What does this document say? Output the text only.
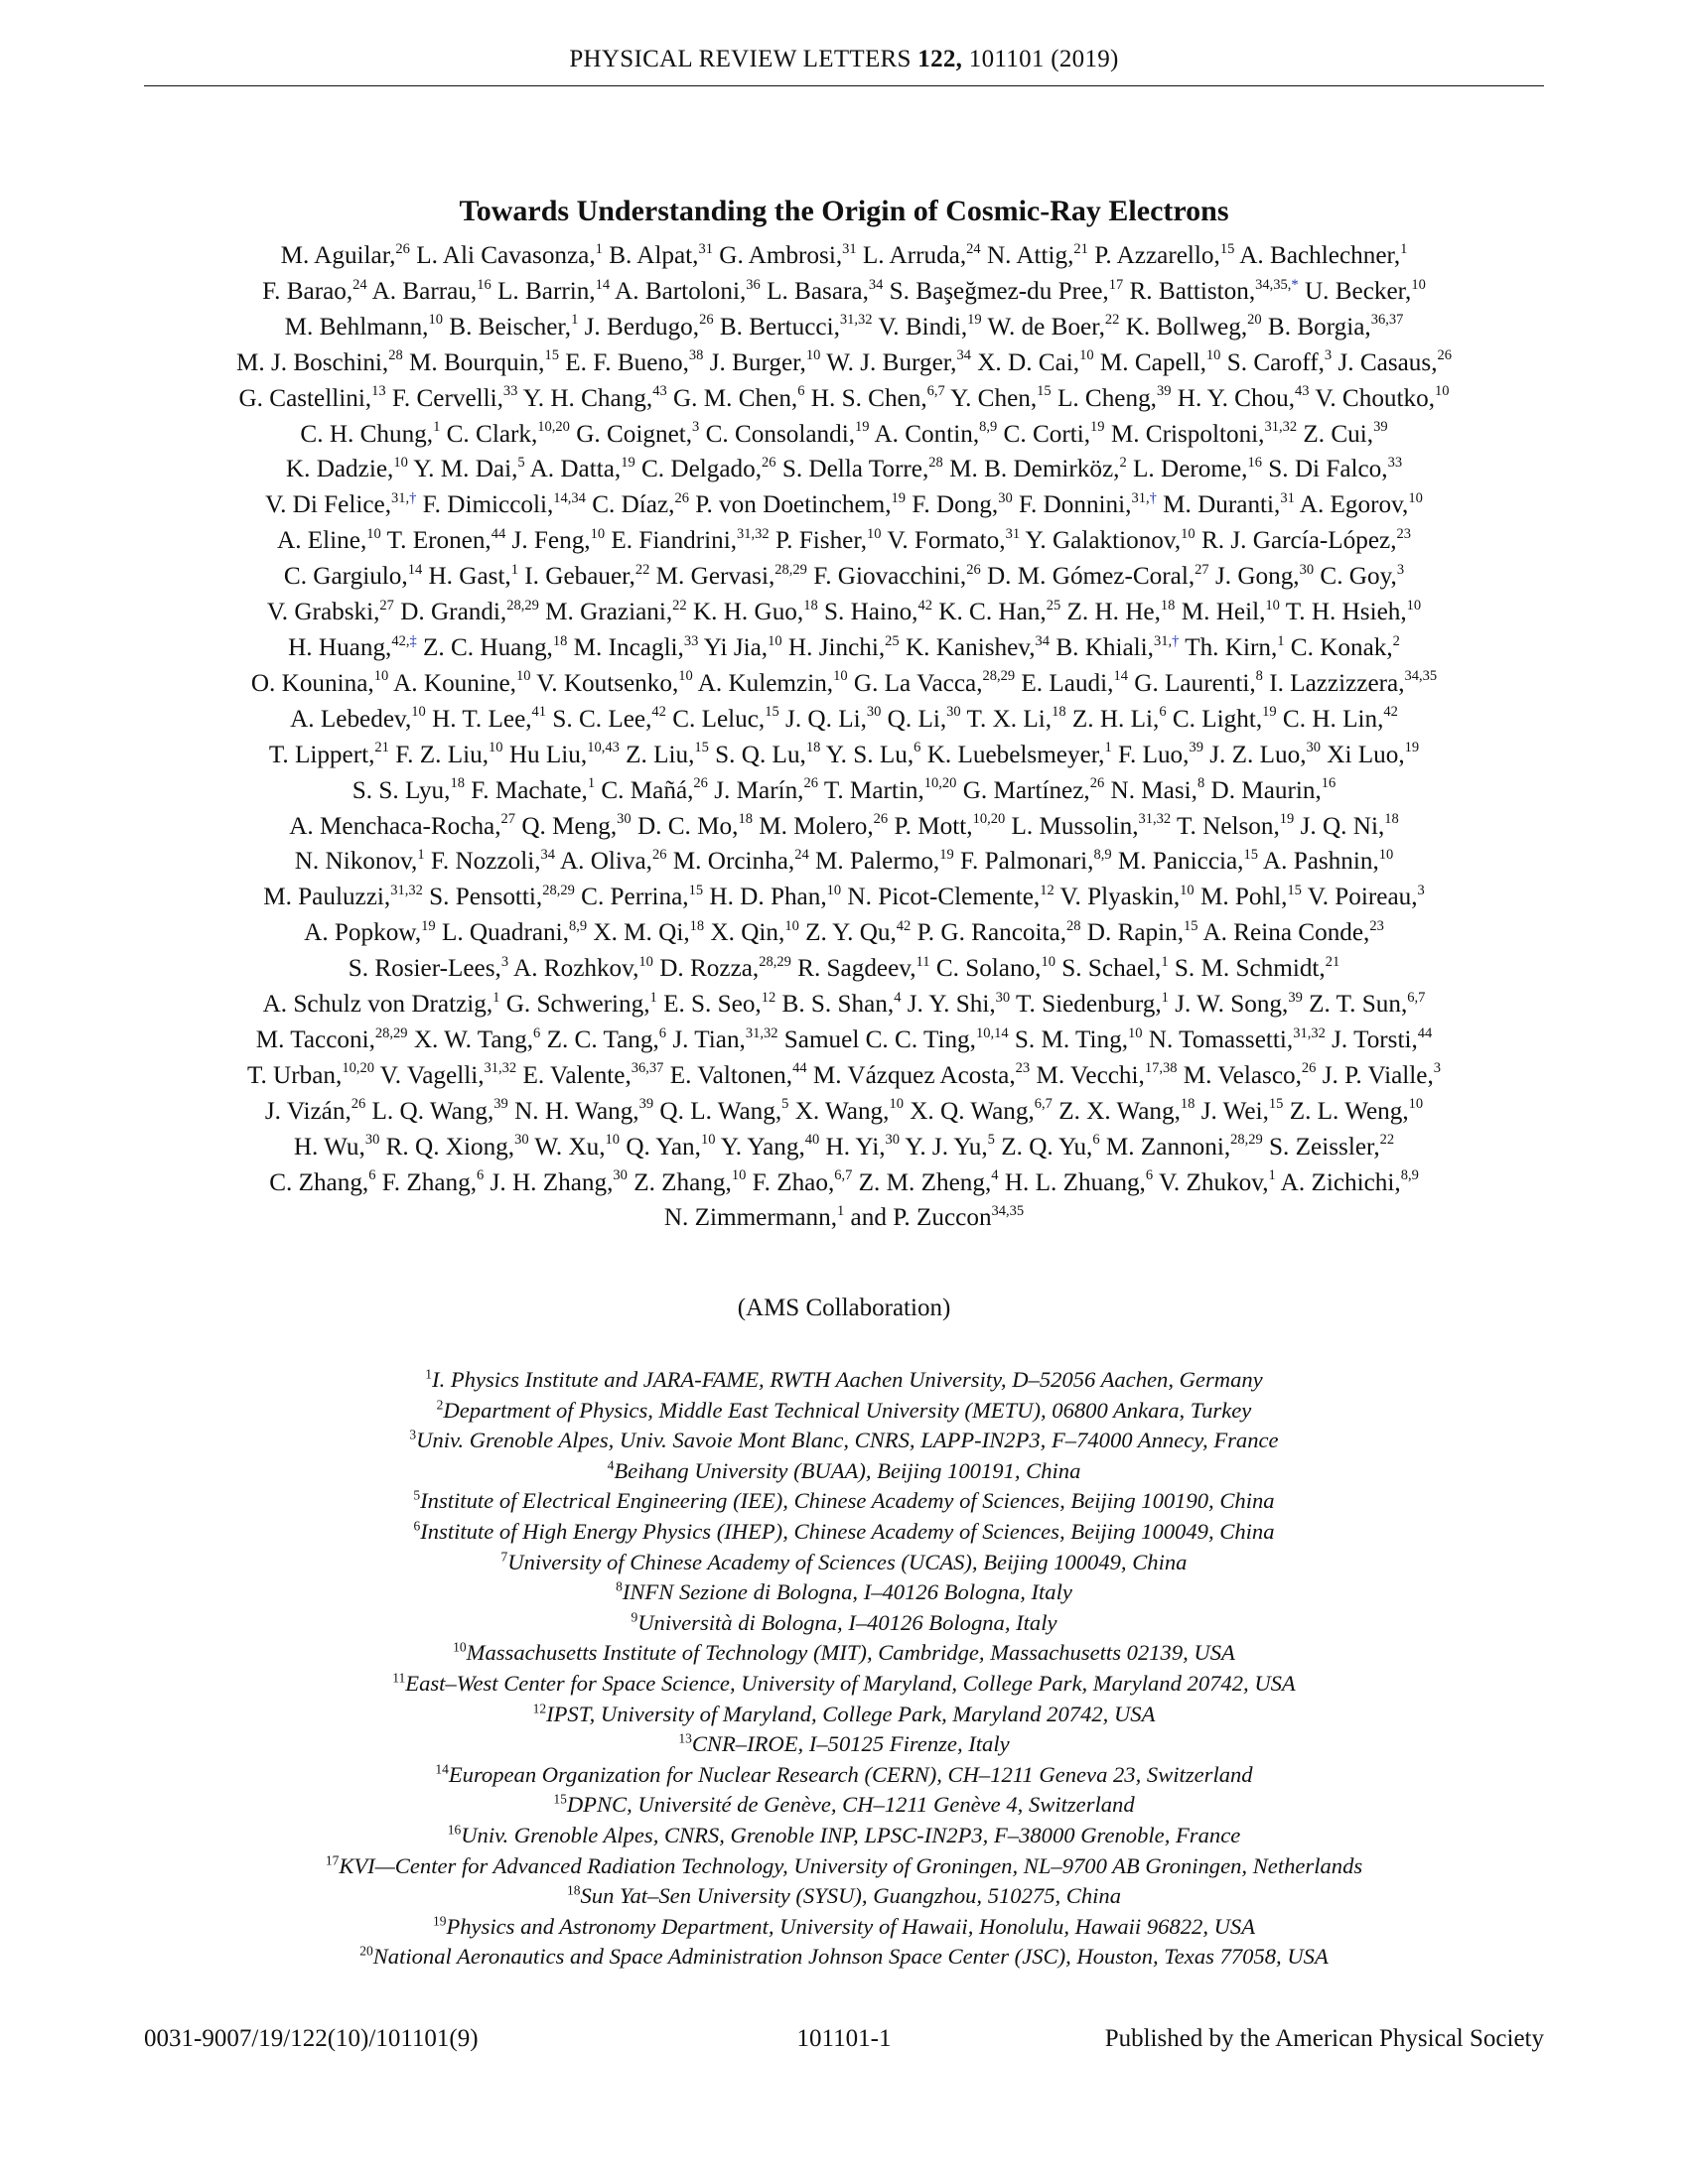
PHYSICAL REVIEW LETTERS 122, 101101 (2019)
Towards Understanding the Origin of Cosmic-Ray Electrons
M. Aguilar,$^{26}$ L. Ali Cavasonza,$^1$ B. Alpat,$^{31}$ G. Ambrosi,$^{31}$ L. Arruda,$^{24}$ N. Attig,$^{21}$ P. Azzarello,$^{15}$ A. Bachlechner,$^1$
F. Barao,$^{24}$ A. Barrau,$^{16}$ L. Barrin,$^{14}$ A. Bartoloni,$^{36}$ L. Basara,$^{34}$ S. Başeğmez-du Pree,$^{17}$ R. Battiston,$^{34,35,*}$ U. Becker,$^{10}$
M. Behlmann,$^{10}$ B. Beischer,$^1$ J. Berdugo,$^{26}$ B. Bertucci,$^{31,32}$ V. Bindi,$^{19}$ W. de Boer,$^{22}$ K. Bollweg,$^{20}$ B. Borgia,$^{36,37}$
M. J. Boschini,$^{28}$ M. Bourquin,$^{15}$ E. F. Bueno,$^{38}$ J. Burger,$^{10}$ W. J. Burger,$^{34}$ X. D. Cai,$^{10}$ M. Capell,$^{10}$ S. Caroff,$^3$ J. Casaus,$^{26}$
G. Castellini,$^{13}$ F. Cervelli,$^{33}$ Y. H. Chang,$^{43}$ G. M. Chen,$^6$ H. S. Chen,$^{6,7}$ Y. Chen,$^{15}$ L. Cheng,$^{39}$ H. Y. Chou,$^{43}$ V. Choutko,$^{10}$
C. H. Chung,$^1$ C. Clark,$^{10,20}$ G. Coignet,$^3$ C. Consolandi,$^{19}$ A. Contin,$^{8,9}$ C. Corti,$^{19}$ M. Crispoltoni,$^{31,32}$ Z. Cui,$^{39}$
K. Dadzie,$^{10}$ Y. M. Dai,$^5$ A. Datta,$^{19}$ C. Delgado,$^{26}$ S. Della Torre,$^{28}$ M. B. Demirköz,$^2$ L. Derome,$^{16}$ S. Di Falco,$^{33}$
V. Di Felice,$^{31,\dagger}$ F. Dimiccoli,$^{14,34}$ C. Díaz,$^{26}$ P. von Doetinchem,$^{19}$ F. Dong,$^{30}$ F. Donnini,$^{31,\dagger}$ M. Duranti,$^{31}$ A. Egorov,$^{10}$
A. Eline,$^{10}$ T. Eronen,$^{44}$ J. Feng,$^{10}$ E. Fiandrini,$^{31,32}$ P. Fisher,$^{10}$ V. Formato,$^{31}$ Y. Galaktionov,$^{10}$ R. J. García-López,$^{23}$
C. Gargiulo,$^{14}$ H. Gast,$^1$ I. Gebauer,$^{22}$ M. Gervasi,$^{28,29}$ F. Giovacchini,$^{26}$ D. M. Gómez-Coral,$^{27}$ J. Gong,$^{30}$ C. Goy,$^3$
V. Grabski,$^{27}$ D. Grandi,$^{28,29}$ M. Graziani,$^{22}$ K. H. Guo,$^{18}$ S. Haino,$^{42}$ K. C. Han,$^{25}$ Z. H. He,$^{18}$ M. Heil,$^{10}$ T. H. Hsieh,$^{10}$
H. Huang,$^{42,\ddagger}$ Z. C. Huang,$^{18}$ M. Incagli,$^{33}$ Yi Jia,$^{10}$ H. Jinchi,$^{25}$ K. Kanishev,$^{34}$ B. Khiali,$^{31,\dagger}$ Th. Kirn,$^1$ C. Konak,$^2$
O. Kounina,$^{10}$ A. Kounine,$^{10}$ V. Koutsenko,$^{10}$ A. Kulemzin,$^{10}$ G. La Vacca,$^{28,29}$ E. Laudi,$^{14}$ G. Laurenti,$^8$ I. Lazzizzera,$^{34,35}$
A. Lebedev,$^{10}$ H. T. Lee,$^{41}$ S. C. Lee,$^{42}$ C. Leluc,$^{15}$ J. Q. Li,$^{30}$ Q. Li,$^{30}$ T. X. Li,$^{18}$ Z. H. Li,$^6$ C. Light,$^{19}$ C. H. Lin,$^{42}$
T. Lippert,$^{21}$ F. Z. Liu,$^{10}$ Hu Liu,$^{10,43}$ Z. Liu,$^{15}$ S. Q. Lu,$^{18}$ Y. S. Lu,$^6$ K. Luebelsmeyer,$^1$ F. Luo,$^{39}$ J. Z. Luo,$^{30}$ Xi Luo,$^{19}$
S. S. Lyu,$^{18}$ F. Machate,$^1$ C. Mañá,$^{26}$ J. Marín,$^{26}$ T. Martin,$^{10,20}$ G. Martínez,$^{26}$ N. Masi,$^8$ D. Maurin,$^{16}$
A. Menchaca-Rocha,$^{27}$ Q. Meng,$^{30}$ D. C. Mo,$^{18}$ M. Molero,$^{26}$ P. Mott,$^{10,20}$ L. Mussolin,$^{31,32}$ T. Nelson,$^{19}$ J. Q. Ni,$^{18}$
N. Nikonov,$^1$ F. Nozzoli,$^{34}$ A. Oliva,$^{26}$ M. Orcinha,$^{24}$ M. Palermo,$^{19}$ F. Palmonari,$^{8,9}$ M. Paniccia,$^{15}$ A. Pashnin,$^{10}$
M. Pauluzzi,$^{31,32}$ S. Pensotti,$^{28,29}$ C. Perrina,$^{15}$ H. D. Phan,$^{10}$ N. Picot-Clemente,$^{12}$ V. Plyaskin,$^{10}$ M. Pohl,$^{15}$ V. Poireau,$^3$
A. Popkow,$^{19}$ L. Quadrani,$^{8,9}$ X. M. Qi,$^{18}$ X. Qin,$^{10}$ Z. Y. Qu,$^{42}$ P. G. Rancoita,$^{28}$ D. Rapin,$^{15}$ A. Reina Conde,$^{23}$
S. Rosier-Lees,$^3$ A. Rozhkov,$^{10}$ D. Rozza,$^{28,29}$ R. Sagdeev,$^{11}$ C. Solano,$^{10}$ S. Schael,$^1$ S. M. Schmidt,$^{21}$
A. Schulz von Dratzig,$^1$ G. Schwering,$^1$ E. S. Seo,$^{12}$ B. S. Shan,$^4$ J. Y. Shi,$^{30}$ T. Siedenburg,$^1$ J. W. Song,$^{39}$ Z. T. Sun,$^{6,7}$
M. Tacconi,$^{28,29}$ X. W. Tang,$^6$ Z. C. Tang,$^6$ J. Tian,$^{31,32}$ Samuel C. C. Ting,$^{10,14}$ S. M. Ting,$^{10}$ N. Tomassetti,$^{31,32}$ J. Torsti,$^{44}$
T. Urban,$^{10,20}$ V. Vagelli,$^{31,32}$ E. Valente,$^{36,37}$ E. Valtonen,$^{44}$ M. Vázquez Acosta,$^{23}$ M. Vecchi,$^{17,38}$ M. Velasco,$^{26}$ J. P. Vialle,$^3$
J. Vizán,$^{26}$ L. Q. Wang,$^{39}$ N. H. Wang,$^{39}$ Q. L. Wang,$^5$ X. Wang,$^{10}$ X. Q. Wang,$^{6,7}$ Z. X. Wang,$^{18}$ J. Wei,$^{15}$ Z. L. Weng,$^{10}$
H. Wu,$^{30}$ R. Q. Xiong,$^{30}$ W. Xu,$^{10}$ Q. Yan,$^{10}$ Y. Yang,$^{40}$ H. Yi,$^{30}$ Y. J. Yu,$^5$ Z. Q. Yu,$^6$ M. Zannoni,$^{28,29}$ S. Zeissler,$^{22}$
C. Zhang,$^6$ F. Zhang,$^6$ J. H. Zhang,$^{30}$ Z. Zhang,$^{10}$ F. Zhao,$^{6,7}$ Z. M. Zheng,$^4$ H. L. Zhuang,$^6$ V. Zhukov,$^1$ A. Zichichi,$^{8,9}$
N. Zimmermann,$^1$ and P. Zuccon$^{34,35}$
(AMS Collaboration)
$^1$I. Physics Institute and JARA-FAME, RWTH Aachen University, D–52056 Aachen, Germany
$^2$Department of Physics, Middle East Technical University (METU), 06800 Ankara, Turkey
$^3$Univ. Grenoble Alpes, Univ. Savoie Mont Blanc, CNRS, LAPP-IN2P3, F–74000 Annecy, France
$^4$Beihang University (BUAA), Beijing 100191, China
$^5$Institute of Electrical Engineering (IEE), Chinese Academy of Sciences, Beijing 100190, China
$^6$Institute of High Energy Physics (IHEP), Chinese Academy of Sciences, Beijing 100049, China
$^7$University of Chinese Academy of Sciences (UCAS), Beijing 100049, China
$^8$INFN Sezione di Bologna, I–40126 Bologna, Italy
$^9$Università di Bologna, I–40126 Bologna, Italy
$^{10}$Massachusetts Institute of Technology (MIT), Cambridge, Massachusetts 02139, USA
$^{11}$East–West Center for Space Science, University of Maryland, College Park, Maryland 20742, USA
$^{12}$IPST, University of Maryland, College Park, Maryland 20742, USA
$^{13}$CNR–IROE, I–50125 Firenze, Italy
$^{14}$European Organization for Nuclear Research (CERN), CH–1211 Geneva 23, Switzerland
$^{15}$DPNC, Université de Genève, CH–1211 Genève 4, Switzerland
$^{16}$Univ. Grenoble Alpes, CNRS, Grenoble INP, LPSC-IN2P3, F–38000 Grenoble, France
$^{17}$KVI—Center for Advanced Radiation Technology, University of Groningen, NL–9700 AB Groningen, Netherlands
$^{18}$Sun Yat–Sen University (SYSU), Guangzhou, 510275, China
$^{19}$Physics and Astronomy Department, University of Hawaii, Honolulu, Hawaii 96822, USA
$^{20}$National Aeronautics and Space Administration Johnson Space Center (JSC), Houston, Texas 77058, USA
0031-9007/19/122(10)/101101(9)	101101-1	Published by the American Physical Society
